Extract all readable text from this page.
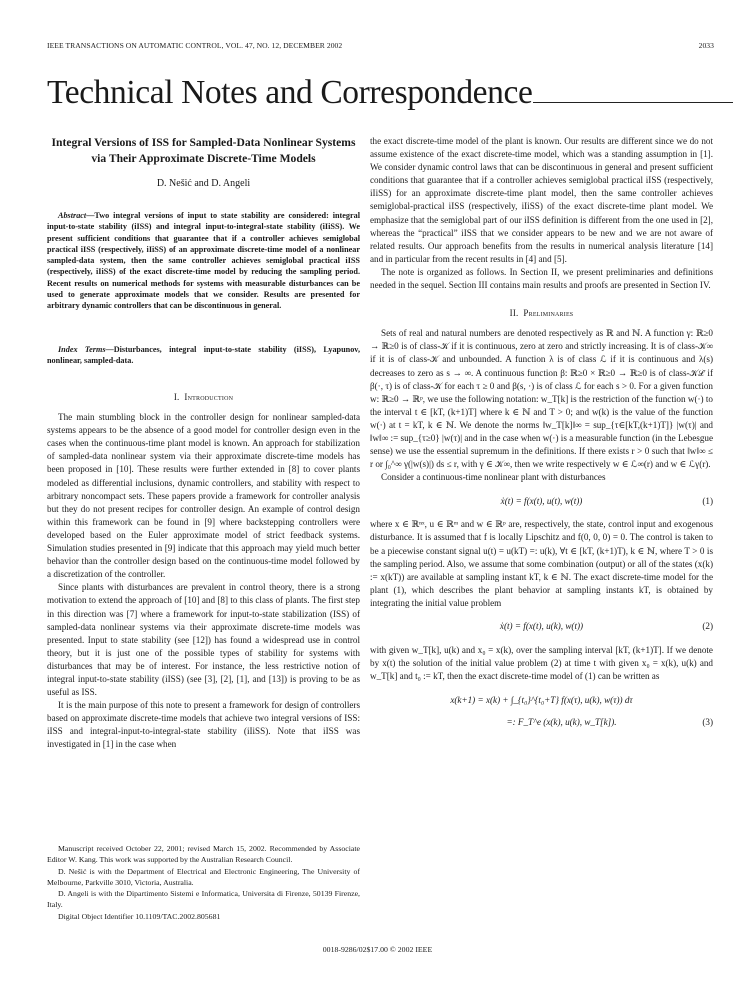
IEEE TRANSACTIONS ON AUTOMATIC CONTROL, VOL. 47, NO. 12, DECEMBER 2002	2033
Technical Notes and Correspondence
Integral Versions of ISS for Sampled-Data Nonlinear Systems via Their Approximate Discrete-Time Models
D. Nešić and D. Angeli

Abstract—Two integral versions of input to state stability are considered: integral input-to-state stability (iISS) and integral input-to-integral-state stability (iIiSS). We present sufficient conditions that guarantee that if a controller achieves semiglobal practical iISS (respectively, iIiSS) of an approximate discrete-time model of a nonlinear sampled-data system, then the same controller achieves semiglobal practical iISS (respectively, iIiSS) of the exact discrete-time model by reducing the sampling period. Recent results on numerical methods for systems with measurable disturbances can be used to generate approximate models that we consider. Results are presented for arbitrary dynamic controllers that can be discontinuous in general.

Index Terms—Disturbances, integral input-to-state stability (iISS), Lyapunov, nonlinear, sampled-data.

I. Introduction

The main stumbling block in the controller design for nonlinear sampled-data systems appears to be the absence of a good model for controller design even in the cases when the continuous-time plant model is known. An approach for stabilization of sampled-data nonlinear system via their approximate discrete-time models has been proposed in [10]. These results were further extended in [8] to cover plants modeled as differential inclusions, dynamic controllers, and stability with respect to arbitrary noncompact sets. These papers provide a framework for controller analysis but they do not present recipes for controller design. An example of control design within this framework can be found in [9] where backstepping controllers were developed based on the Euler approximate model of strict feedback systems. Simulation studies presented in [9] indicate that this approach may yield much better behavior than the controller design based on the continuous-time model followed by a discretization of the controller.

Since plants with disturbances are prevalent in control theory, there is a strong motivation to extend the approach of [10] and [8] to this class of plants. The first step in this direction was [7] where a framework for input-to-state stabilization (ISS) of sampled-data nonlinear systems via their approximate discrete-time models was presented. Input to state stability (see [12]) has found a widespread use in control theory, but it is just one of the possible types of stability for systems with disturbances that may be of interest. For instance, the less restrictive notion of integral input-to-state stability (iISS) (see [3], [2], [1], and [13]) is proving to be as useful as ISS.

It is the main purpose of this note to present a framework for design of controllers based on approximate discrete-time models that achieve two integral versions of ISS: iISS and integral-input-to-integral-state stability (iIiSS). Note that iISS was investigated in [1] in the case when

Manuscript received October 22, 2001; revised March 15, 2002. Recommended by Associate Editor W. Kang. This work was supported by the Australian Research Council.

D. Nešić is with the Department of Electrical and Electronic Engineering, The University of Melbourne, Parkville 3010, Victoria, Australia.

D. Angeli is with the Dipartimento Sistemi e Informatica, Universita di Firenze, 50139 Firenze, Italy.

Digital Object Identifier 10.1109/TAC.2002.805681

the exact discrete-time model of the plant is known. Our results are different since we do not assume existence of the exact discrete-time model, which was a standing assumption in [1]. We consider dynamic control laws that can be discontinuous in general and present sufficient conditions that guarantee that if a controller achieves semiglobal practical iISS (respectively, iIiSS) for an approximate discrete-time plant model, then the same controller achieves semiglobal-practical iISS (respectively, iIiSS) of the exact discrete-time plant model. We emphasize that the semiglobal part of our iISS definition is different from the one used in [2], whereas the “practical” iISS that we consider appears to be new and we are not aware of related results. Our approach benefits from the results in numerical analysis literature [14] and in particular from the recent results in [4] and [5].

The note is organized as follows. In Section II, we present preliminaries and definitions needed in the sequel. Section III contains main results and proofs are presented in Section IV.

II. Preliminaries

Sets of real and natural numbers are denoted respectively as ℝ and ℕ. A function γ: ℝ≥0 → ℝ≥0 is of class-𝒦 if it is continuous, zero at zero and strictly increasing. It is of class-𝒦∞ if it is of class-𝒦 and unbounded. A function λ is of class ℒ if it is continuous and λ(s) decreases to zero as s → ∞. A continuous function β: ℝ≥0 × ℝ≥0 → ℝ≥0 is of class-𝒦ℒ if β(·, τ) is of class-𝒦 for each τ ≥ 0 and β(s, ·) is of class ℒ for each s > 0. For a given function w: ℝ≥0 → ℝᵖ, we use the following notation: w_T[k] is the restriction of the function w(·) to the interval t ∈ [kT, (k+1)T] where k ∈ ℕ and T > 0; and w(k) is the value of the function w(·) at t = kT, k ∈ ℕ. We denote the norms ‖w_T[k]‖∞ = sup_{τ∈[kT,(k+1)T]} |w(τ)| and ‖w‖∞ := sup_{τ≥0} |w(τ)| and in the case when w(·) is a measurable function (in the Lebesgue sense) we use the essential supremum in the definitions. If there exists r > 0 such that ‖w‖∞ ≤ r or ∫₀^∞ γ(|w(s)|) ds ≤ r, with γ ∈ 𝒦∞, then we write respectively w ∈ ℒ∞(r) and w ∈ ℒγ(r).

Consider a continuous-time nonlinear plant with disturbances

ẋ(t) = f(x(t), u(t), w(t))	(1)

where x ∈ ℝⁿˣ, u ∈ ℝᵐ and w ∈ ℝᵖ are, respectively, the state, control input and exogenous disturbance. It is assumed that f is locally Lipschitz and f(0, 0, 0) = 0. The control is taken to be a piecewise constant signal u(t) = u(kT) =: u(k), ∀t ∈ [kT, (k+1)T), k ∈ ℕ, where T > 0 is the sampling period. Also, we assume that some combination (output) or all of the states (x(k) := x(kT)) are available at sampling instant kT, k ∈ ℕ. The exact discrete-time model for the plant (1), which describes the plant behavior at sampling instants kT, is obtained by integrating the initial value problem

ẋ(t) = f(x(t), u(k), w(t))	(2)

with given w_T[k], u(k) and x₀ = x(k), over the sampling interval [kT, (k+1)T]. If we denote by x(t) the solution of the initial value problem (2) at time t with given x₀ = x(k), u(k) and w_T[k] and t₀ := kT, then the exact discrete-time model of (1) can be written as

x(k+1) = x(k) + ∫_{t₀}^{t₀+T} f(x(τ), u(k), w(τ)) dτ
=: F_T^e (x(k), u(k), w_T[k]).	(3)
0018-9286/02$17.00 © 2002 IEEE
